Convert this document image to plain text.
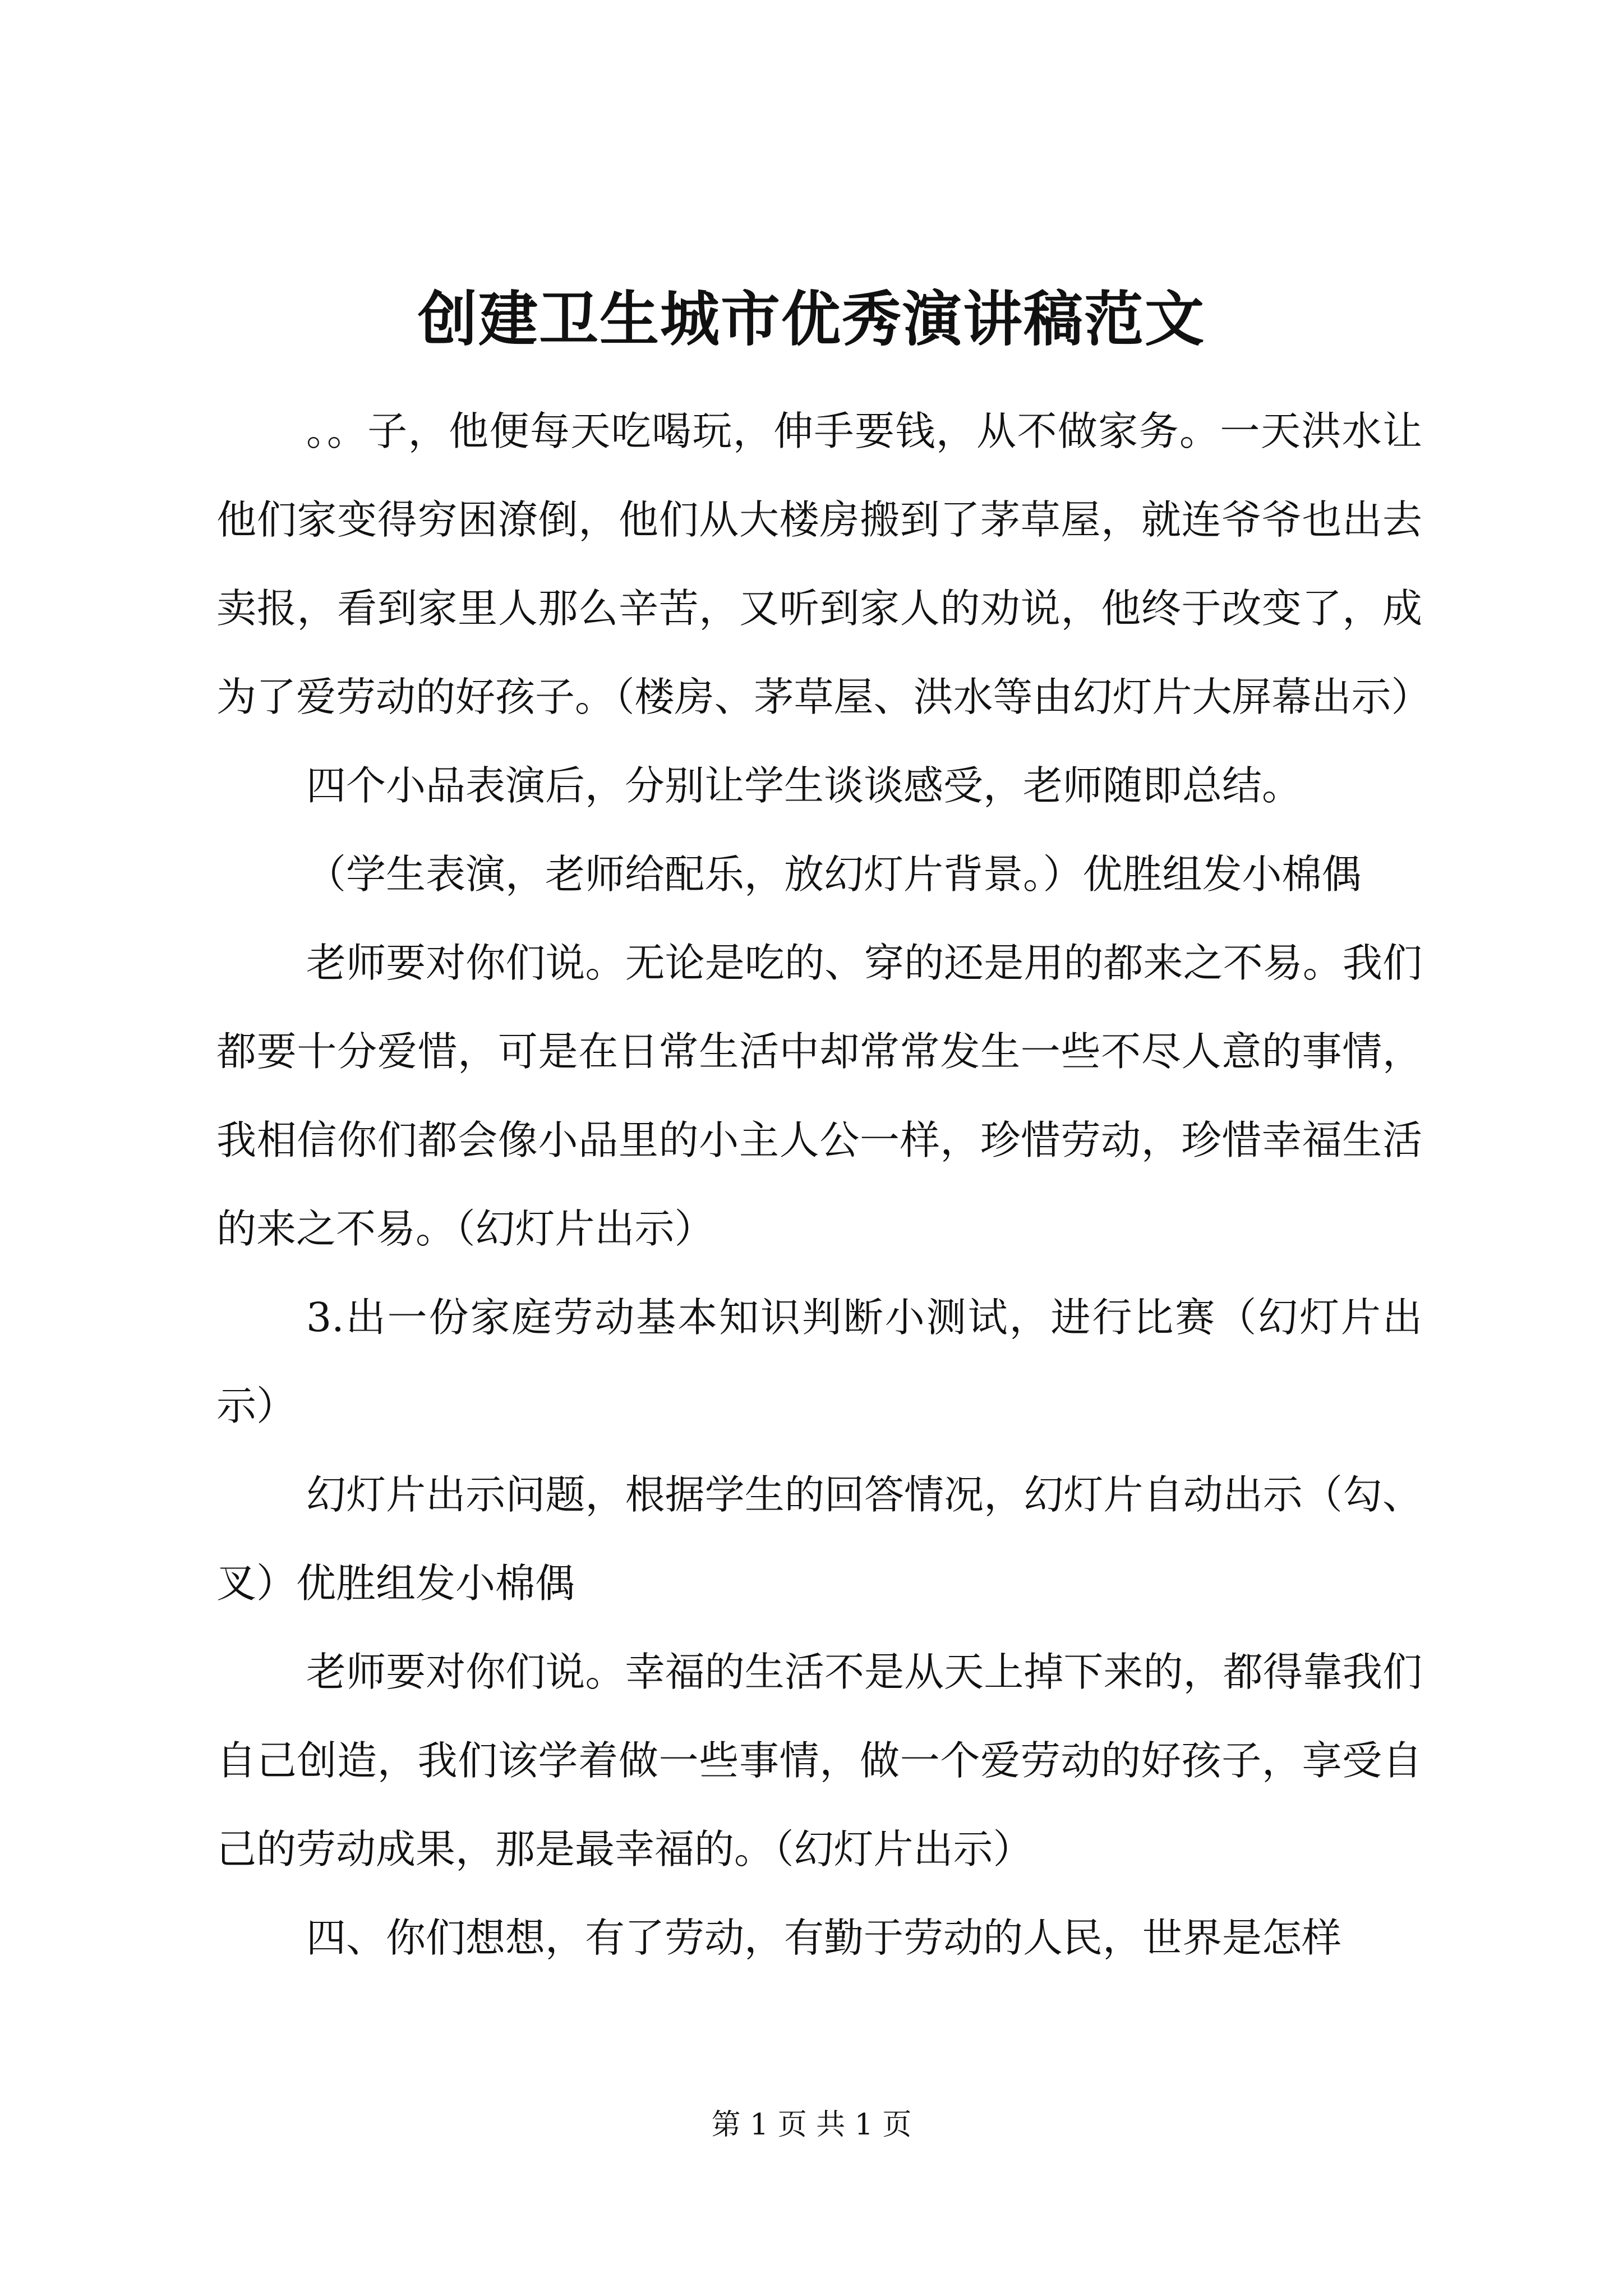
创建卫生城市优秀演讲稿范文

。。子，他便每天吃喝玩，伸手要钱，从不做家务。一天洪水让他们家变得穷困潦倒，他们从大楼房搬到了茅草屋，就连爷爷也出去卖报，看到家里人那么辛苦，又听到家人的劝说，他终于改变了，成为了爱劳动的好孩子。（楼房、茅草屋、洪水等由幻灯片大屏幕出示）

四个小品表演后，分别让学生谈谈感受，老师随即总结。

（学生表演，老师给配乐，放幻灯片背景。）优胜组发小棉偶

老师要对你们说。无论是吃的、穿的还是用的都来之不易。我们都要十分爱惜，可是在日常生活中却常常发生一些不尽人意的事情，我相信你们都会像小品里的小主人公一样，珍惜劳动，珍惜幸福生活的来之不易。（幻灯片出示）

3.出一份家庭劳动基本知识判断小测试，进行比赛（幻灯片出示）

幻灯片出示问题，根据学生的回答情况，幻灯片自动出示（勾、叉）优胜组发小棉偶

老师要对你们说。幸福的生活不是从天上掉下来的，都得靠我们自己创造，我们该学着做一些事情，做一个爱劳动的好孩子，享受自己的劳动成果，那是最幸福的。（幻灯片出示）

四、你们想想，有了劳动，有勤于劳动的人民，世界是怎样

第 1 页 共 1 页
